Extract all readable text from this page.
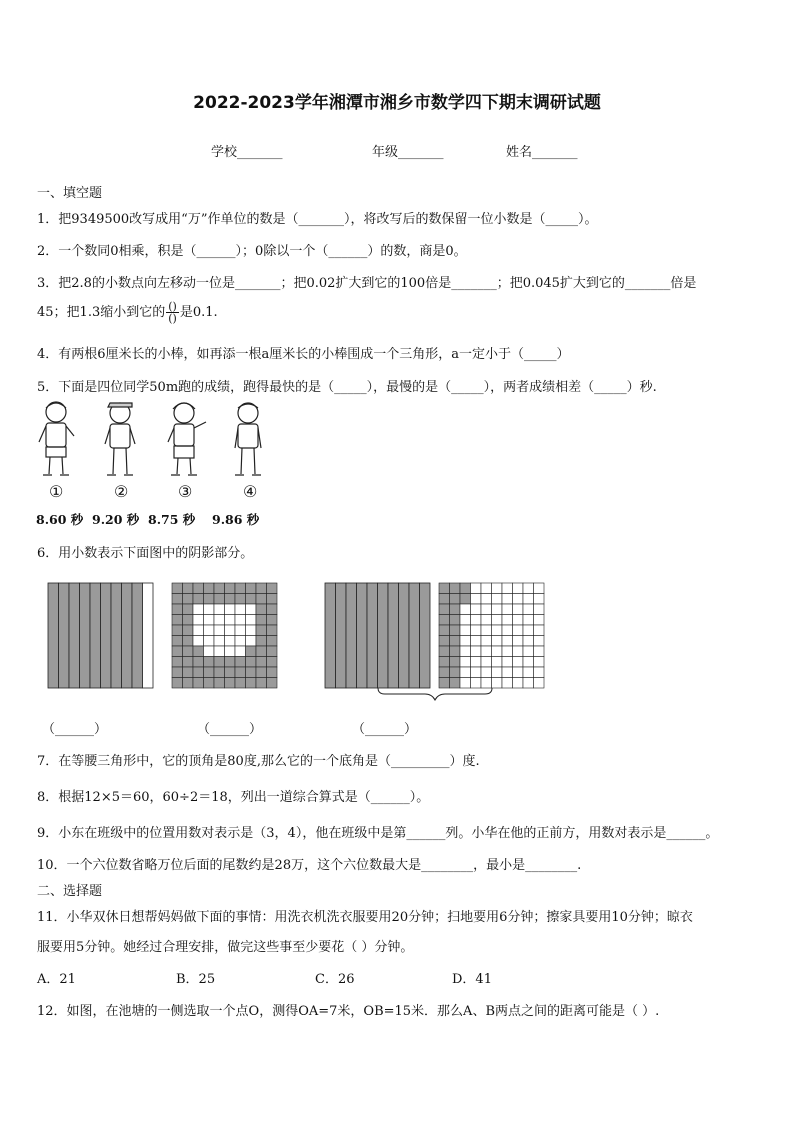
2022-2023学年湘潭市湘乡市数学四下期末调研试题
学校_______	年级_______	姓名_______
一、填空题
1．把9349500改写成用“万”作单位的数是（_______），将改写后的数保留一位小数是（_____）。
2．一个数同0相乘，积是（______）；0除以一个（______）的数，商是0。
3．把2.8的小数点向左移动一位是_______；把0.02扩大到它的100倍是_______；把0.045扩大到它的_______倍是
45；把1.3缩小到它的 $\frac{()}{()}$ 是0.1.
4．有两根6厘米长的小棒，如再添一根a厘米长的小棒围成一个三角形，a一定小于（_____）
5．下面是四位同学50m跑的成绩，跑得最快的是（_____），最慢的是（_____），两者成绩相差（_____）秒.
①	②	③	④
8.60 秒 9.20 秒 8.75 秒 9.86 秒
6．用小数表示下面图中的阴影部分。
（______）	（______）	（______）
7．在等腰三角形中，它的顶角是80度,那么它的一个底角是（_________）度.
8．根据12×5＝60，60÷2＝18，列出一道综合算式是（______）。
9．小东在班级中的位置用数对表示是（3，4），他在班级中是第______列。小华在他的正前方，用数对表示是______。
10．一个六位数省略万位后面的尾数约是28万，这个六位数最大是________，最小是________.
二、选择题
11．小华双休日想帮妈妈做下面的事情：用洗衣机洗衣服要用20分钟；扫地要用6分钟；擦家具要用10分钟；晾衣
服要用5分钟。她经过合理安排，做完这些事至少要花（ ）分钟。
A．21	B．25	C．26	D．41
12．如图，在池塘的一侧选取一个点O，测得OA=7米，OB=15米．那么A、B两点之间的距离可能是（ ）.
